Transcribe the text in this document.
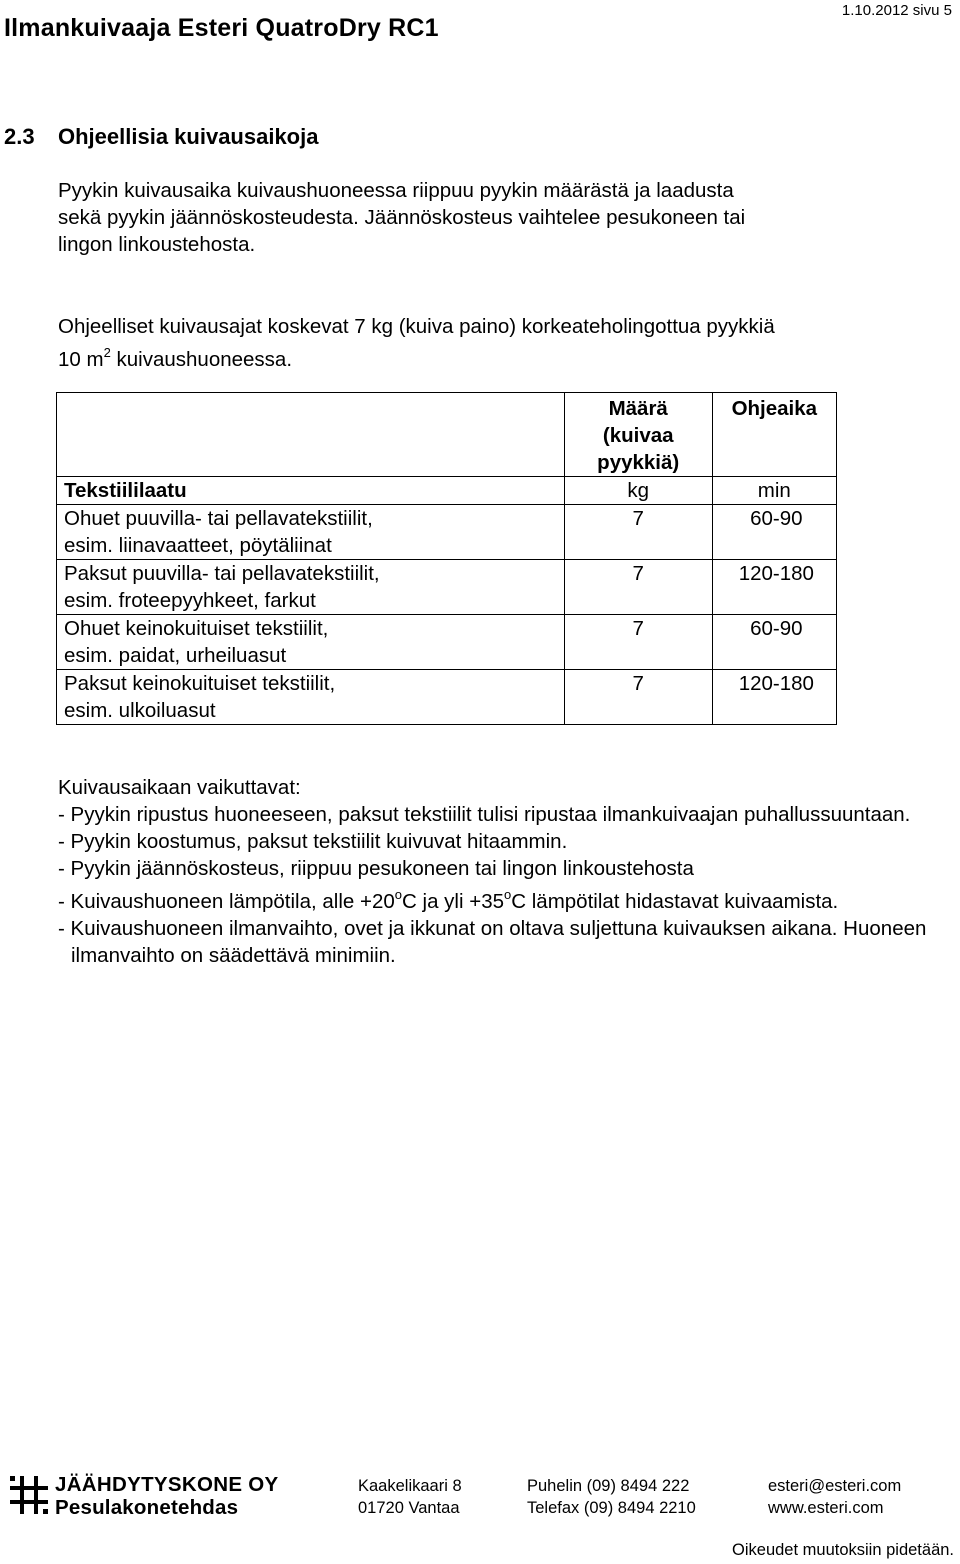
Ilmankuivaaja Esteri QuatroDry RC1
1.10.2012 sivu 5
2.3 Ohjeellisia kuivausaikoja
Pyykin kuivausaika kuivaushuoneessa riippuu pyykin määrästä ja laadusta
sekä pyykin jäännöskosteudesta. Jäännöskosteus vaihtelee pesukoneen tai
lingon linkoustehosta.
Ohjeelliset kuivausajat koskevat 7 kg (kuiva paino) korkeateholingottua pyykkiä
10 $m^2$ kuivaushuoneessa.

	Määrä
(kuivaa
pyykkiä)	Ohjeaika
Tekstiililaatu	kg	min

Ohuet puuvilla- tai pellavatekstiilit,
esim. liinavaatteet, pöytäliinat	7	60-90

Paksut puuvilla- tai pellavatekstiilit,
esim. froteepyyhkeet, farkut	7	120-180

Ohuet keinokuituiset tekstiilit,
esim. paidat, urheiluasut	7	60-90

Paksut keinokuituiset tekstiilit,
esim. ulkoiluasut	7	120-180
Kuivausaikaan vaikuttavat:
- Pyykin ripustus huoneeseen, paksut tekstiilit tulisi ripustaa ilmankuivaajan puhallussuuntaan.
- Pyykin koostumus, paksut tekstiilit kuivuvat hitaammin.
- Pyykin jäännöskosteus, riippuu pesukoneen tai lingon linkoustehosta
- Kuivaushuoneen lämpötila, alle $+20^oC$ ja yli $+35^oC$ lämpötilat hidastavat kuivaamista.
- Kuivaushuoneen ilmanvaihto, ovet ja ikkunat on oltava suljettuna kuivauksen aikana. Huoneen ilmanvaihto on säädettävä minimiin.
JÄÄHDYTYSKONE OY
Pesulakonetehdas
Kaakelikaari 8
01720 Vantaa
Puhelin (09) 8494 222
Telefax (09) 8494 2210
esteri@esteri.com
www.esteri.com
Oikeudet muutoksiin pidetään.
